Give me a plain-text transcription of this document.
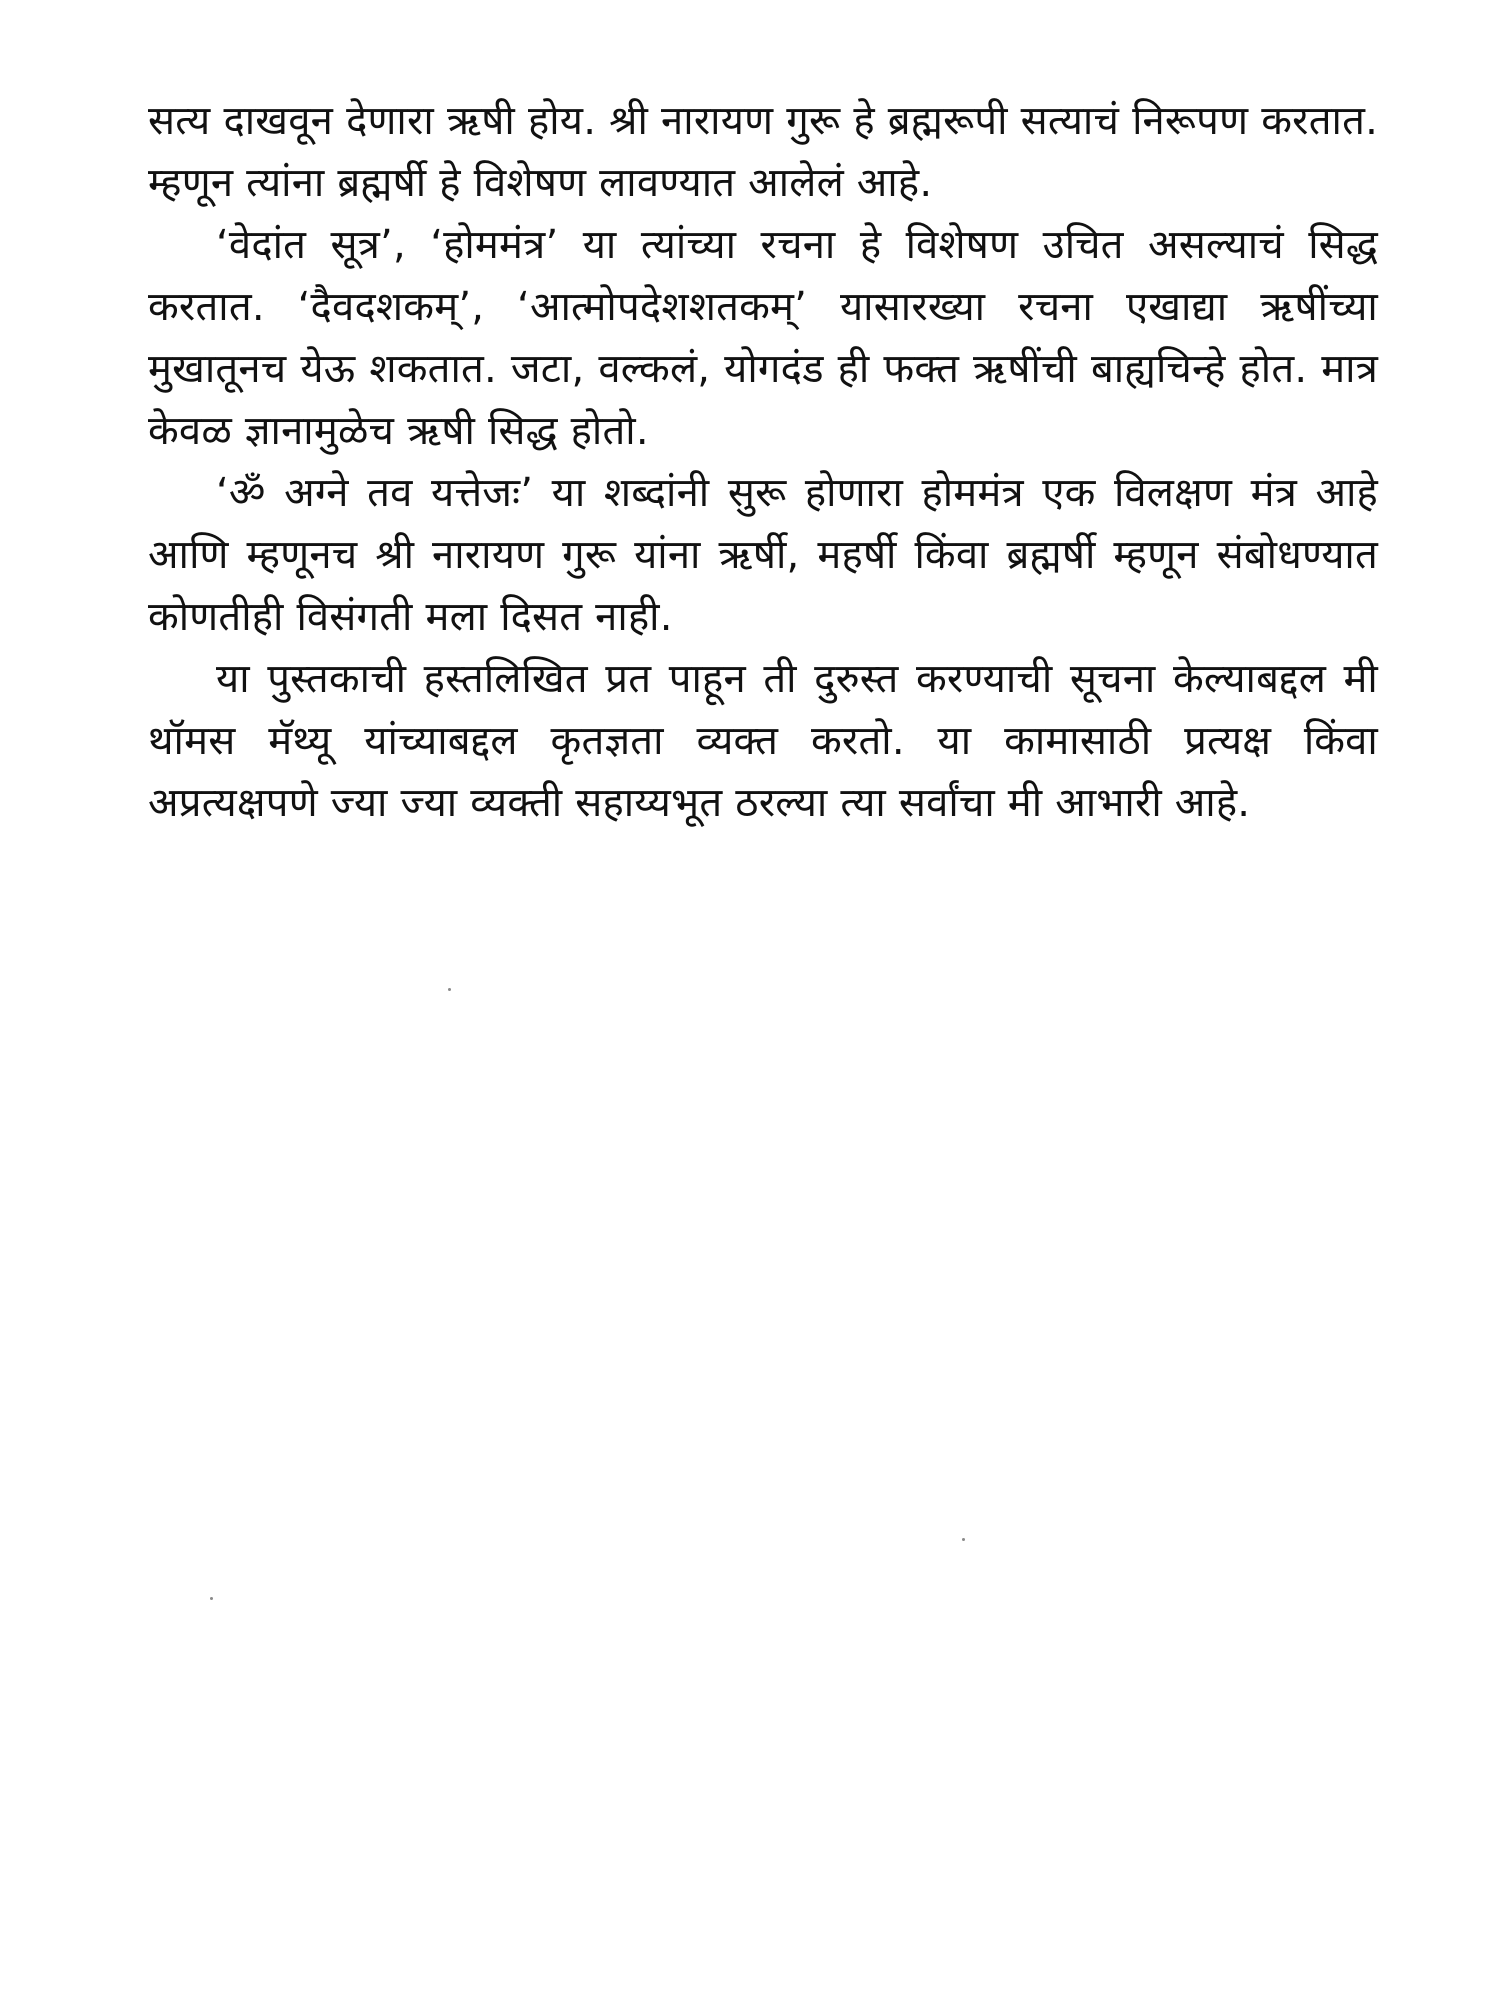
सत्य दाखवून देणारा ऋषी होय. श्री नारायण गुरू हे ब्रह्मरूपी सत्याचं निरूपण करतात. म्हणून त्यांना ब्रह्मर्षी हे विशेषण लावण्यात आलेलं आहे.

‘वेदांत सूत्र’, ‘होममंत्र’ या त्यांच्या रचना हे विशेषण उचित असल्याचं सिद्ध करतात. ‘दैवदशकम्’, ‘आत्मोपदेशशतकम्’ यासारख्या रचना एखाद्या ऋषींच्या मुखातूनच येऊ शकतात. जटा, वल्कलं, योगदंड ही फक्त ऋषींची बाह्यचिन्हे होत. मात्र केवळ ज्ञानामुळेच ऋषी सिद्ध होतो.

‘ॐ अग्ने तव यत्तेजः’ या शब्दांनी सुरू होणारा होममंत्र एक विलक्षण मंत्र आहे आणि म्हणूनच श्री नारायण गुरू यांना ऋर्षी, महर्षी किंवा ब्रह्मर्षी म्हणून संबोधण्यात कोणतीही विसंगती मला दिसत नाही.

या पुस्तकाची हस्तलिखित प्रत पाहून ती दुरुस्त करण्याची सूचना केल्याबद्दल मी थॉमस मॅथ्यू यांच्याबद्दल कृतज्ञता व्यक्त करतो. या कामासाठी प्रत्यक्ष किंवा अप्रत्यक्षपणे ज्या ज्या व्यक्ती सहाय्यभूत ठरल्या त्या सर्वांचा मी आभारी आहे.
